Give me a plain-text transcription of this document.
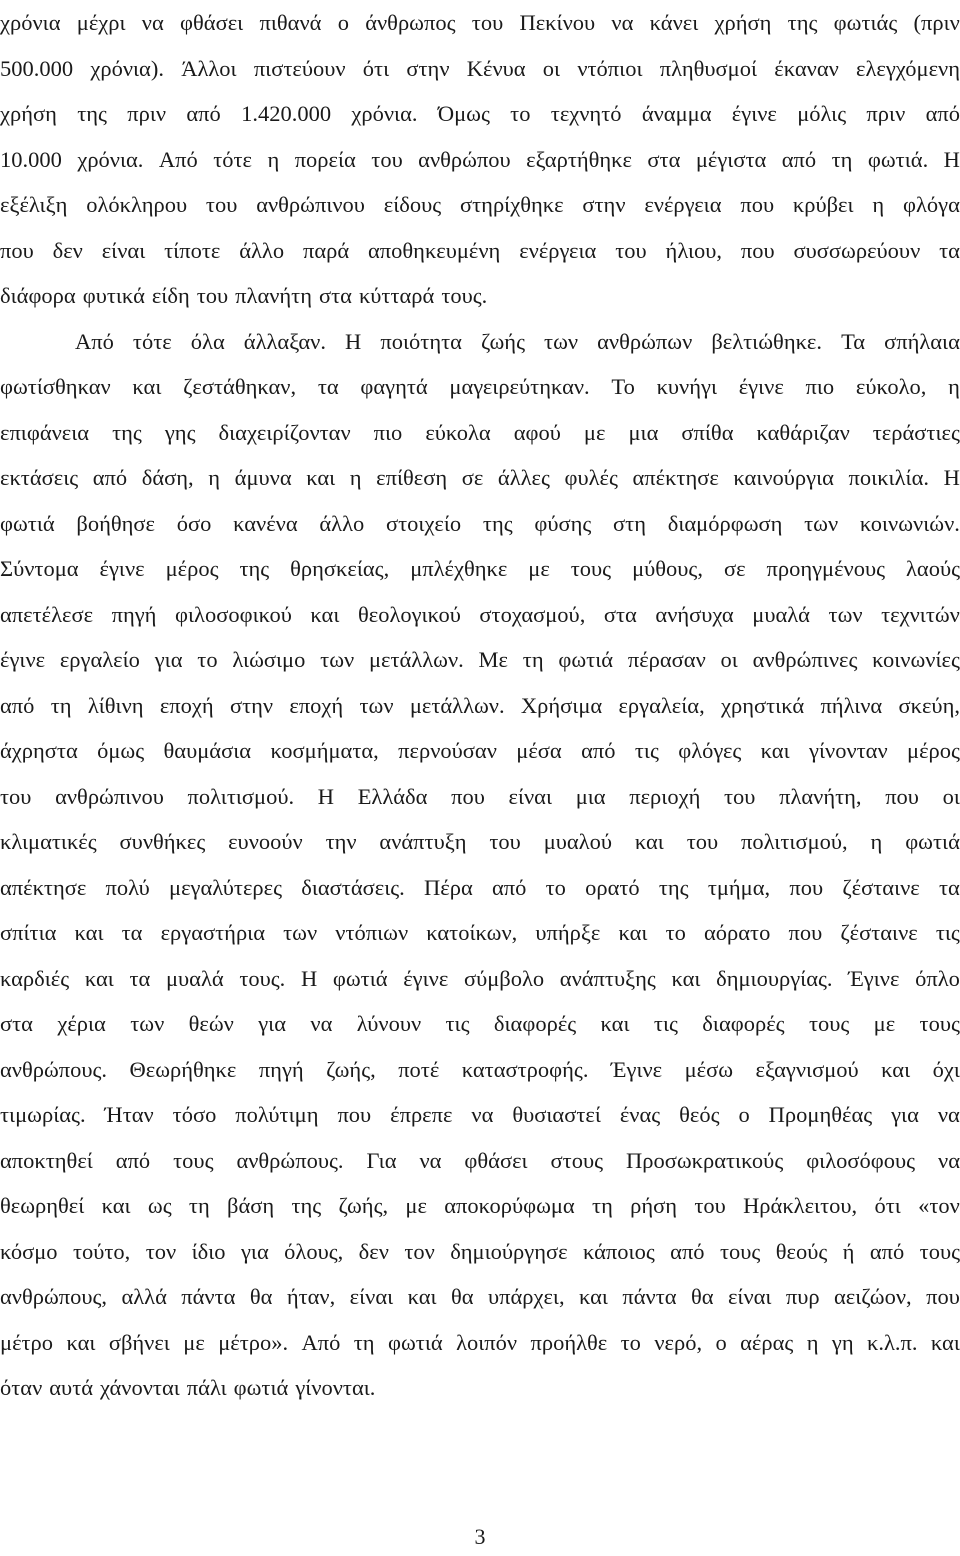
χρόνια μέχρι να φθάσει πιθανά ο άνθρωπος του Πεκίνου να κάνει χρήση της φωτιάς (πριν
500.000 χρόνια). Άλλοι πιστεύουν ότι στην Κένυα οι ντόπιοι πληθυσμοί έκαναν ελεγχόμενη
χρήση της πριν από 1.420.000 χρόνια. Όμως το τεχνητό άναμμα έγινε μόλις πριν από
10.000 χρόνια. Από τότε η πορεία του ανθρώπου εξαρτήθηκε στα μέγιστα από τη φωτιά. Η
εξέλιξη ολόκληρου του ανθρώπινου είδους στηρίχθηκε στην ενέργεια που κρύβει η φλόγα
που δεν είναι τίποτε άλλο παρά αποθηκευμένη ενέργεια του ήλιου, που συσσωρεύουν τα
διάφορα φυτικά είδη του πλανήτη στα κύτταρά τους.
Από τότε όλα άλλαξαν. Η ποιότητα ζωής των ανθρώπων βελτιώθηκε. Τα σπήλαια
φωτίσθηκαν και ζεστάθηκαν, τα φαγητά μαγειρεύτηκαν. Το κυνήγι έγινε πιο εύκολο, η
επιφάνεια της γης διαχειρίζονταν πιο εύκολα αφού με μια σπίθα καθάριζαν τεράστιες
εκτάσεις από δάση, η άμυνα και η επίθεση σε άλλες φυλές απέκτησε καινούργια ποικιλία. Η
φωτιά βοήθησε όσο κανένα άλλο στοιχείο της φύσης στη διαμόρφωση των κοινωνιών.
Σύντομα έγινε μέρος της θρησκείας, μπλέχθηκε με τους μύθους, σε προηγμένους λαούς
απετέλεσε πηγή φιλοσοφικού και θεολογικού στοχασμού, στα ανήσυχα μυαλά των τεχνιτών
έγινε εργαλείο για το λιώσιμο των μετάλλων. Με τη φωτιά πέρασαν οι ανθρώπινες κοινωνίες
από τη λίθινη εποχή στην εποχή των μετάλλων. Χρήσιμα εργαλεία, χρηστικά πήλινα σκεύη,
άχρηστα όμως θαυμάσια κοσμήματα, περνούσαν μέσα από τις φλόγες και γίνονταν μέρος
του ανθρώπινου πολιτισμού. Η Ελλάδα που είναι μια περιοχή του πλανήτη, που οι
κλιματικές συνθήκες ευνοούν την ανάπτυξη του μυαλού και του πολιτισμού, η φωτιά
απέκτησε πολύ μεγαλύτερες διαστάσεις. Πέρα από το ορατό της τμήμα, που ζέσταινε τα
σπίτια και τα εργαστήρια των ντόπιων κατοίκων, υπήρξε και το αόρατο που ζέσταινε τις
καρδιές και τα μυαλά τους. Η φωτιά έγινε σύμβολο ανάπτυξης και δημιουργίας. Έγινε όπλο
στα χέρια των θεών για να λύνουν τις διαφορές και τις διαφορές τους με τους
ανθρώπους. Θεωρήθηκε πηγή ζωής, ποτέ καταστροφής. Έγινε μέσω εξαγνισμού και όχι
τιμωρίας. Ήταν τόσο πολύτιμη που έπρεπε να θυσιαστεί ένας θεός ο Προμηθέας για να
αποκτηθεί από τους ανθρώπους. Για να φθάσει στους Προσωκρατικούς φιλοσόφους να
θεωρηθεί και ως τη βάση της ζωής, με αποκορύφωμα τη ρήση του Ηράκλειτου, ότι «τον
κόσμο τούτο, τον ίδιο για όλους, δεν τον δημιούργησε κάποιος από τους θεούς ή από τους
ανθρώπους, αλλά πάντα θα ήταν, είναι και θα υπάρχει, και πάντα θα είναι πυρ αειζώον, που
μέτρο και σβήνει με μέτρο». Από τη φωτιά λοιπόν προήλθε το νερό, ο αέρας η γη κ.λ.π. και
όταν αυτά χάνονται πάλι φωτιά γίνονται.
3
